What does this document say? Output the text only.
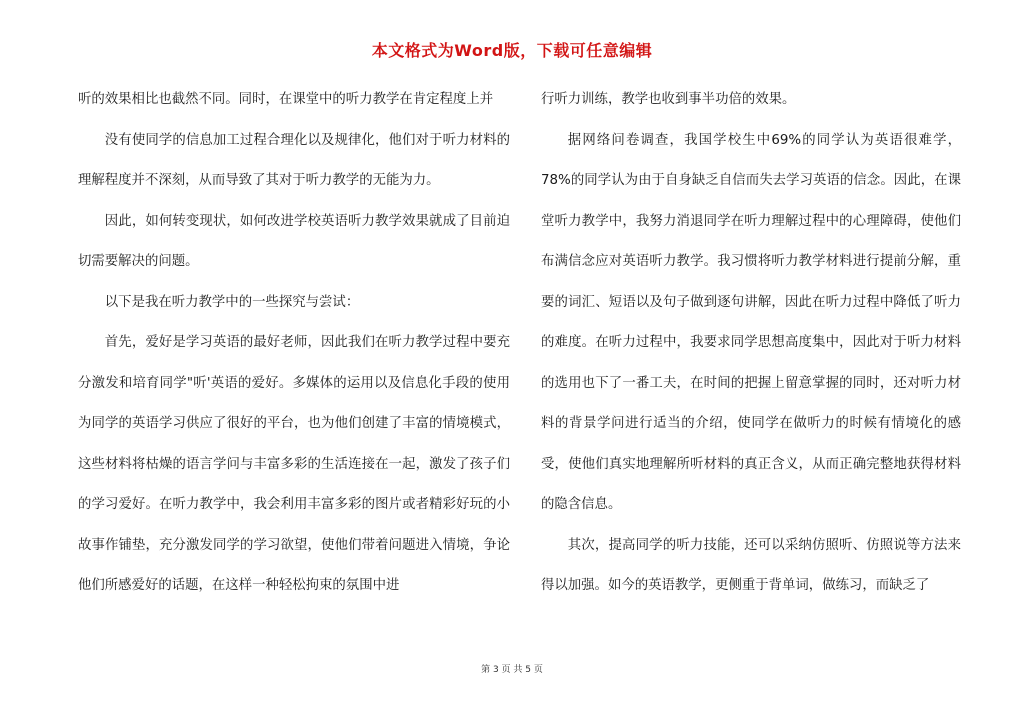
本文格式为Word版，下载可任意编辑

听的效果相比也截然不同。同时，在课堂中的听力教学在肯定程度上并

没有使同学的信息加工过程合理化以及规律化，他们对于听力材料的理解程度并不深刻，从而导致了其对于听力教学的无能为力。

因此，如何转变现状，如何改进学校英语听力教学效果就成了目前迫切需要解决的问题。

以下是我在听力教学中的一些探究与尝试：

首先，爱好是学习英语的最好老师，因此我们在听力教学过程中要充分激发和培育同学"听'英语的爱好。多媒体的运用以及信息化手段的使用为同学的英语学习供应了很好的平台，也为他们创建了丰富的情境模式，这些材料将枯燥的语言学问与丰富多彩的生活连接在一起，激发了孩子们的学习爱好。在听力教学中，我会利用丰富多彩的图片或者精彩好玩的小故事作铺垫，充分激发同学的学习欲望，使他们带着问题进入情境，争论他们所感爱好的话题，在这样一种轻松拘束的氛围中进

行听力训练，教学也收到事半功倍的效果。

据网络问卷调查，我国学校生中69%的同学认为英语很难学，78%的同学认为由于自身缺乏自信而失去学习英语的信念。因此，在课堂听力教学中，我努力消退同学在听力理解过程中的心理障碍，使他们布满信念应对英语听力教学。我习惯将听力教学材料进行提前分解，重要的词汇、短语以及句子做到逐句讲解，因此在听力过程中降低了听力的难度。在听力过程中，我要求同学思想高度集中，因此对于听力材料的选用也下了一番工夫，在时间的把握上留意掌握的同时，还对听力材料的背景学问进行适当的介绍，使同学在做听力的时候有情境化的感受，使他们真实地理解所听材料的真正含义，从而正确完整地获得材料的隐含信息。

其次，提高同学的听力技能，还可以采纳仿照听、仿照说等方法来得以加强。如今的英语教学，更侧重于背单词，做练习，而缺乏了

第 3 页 共 5 页
